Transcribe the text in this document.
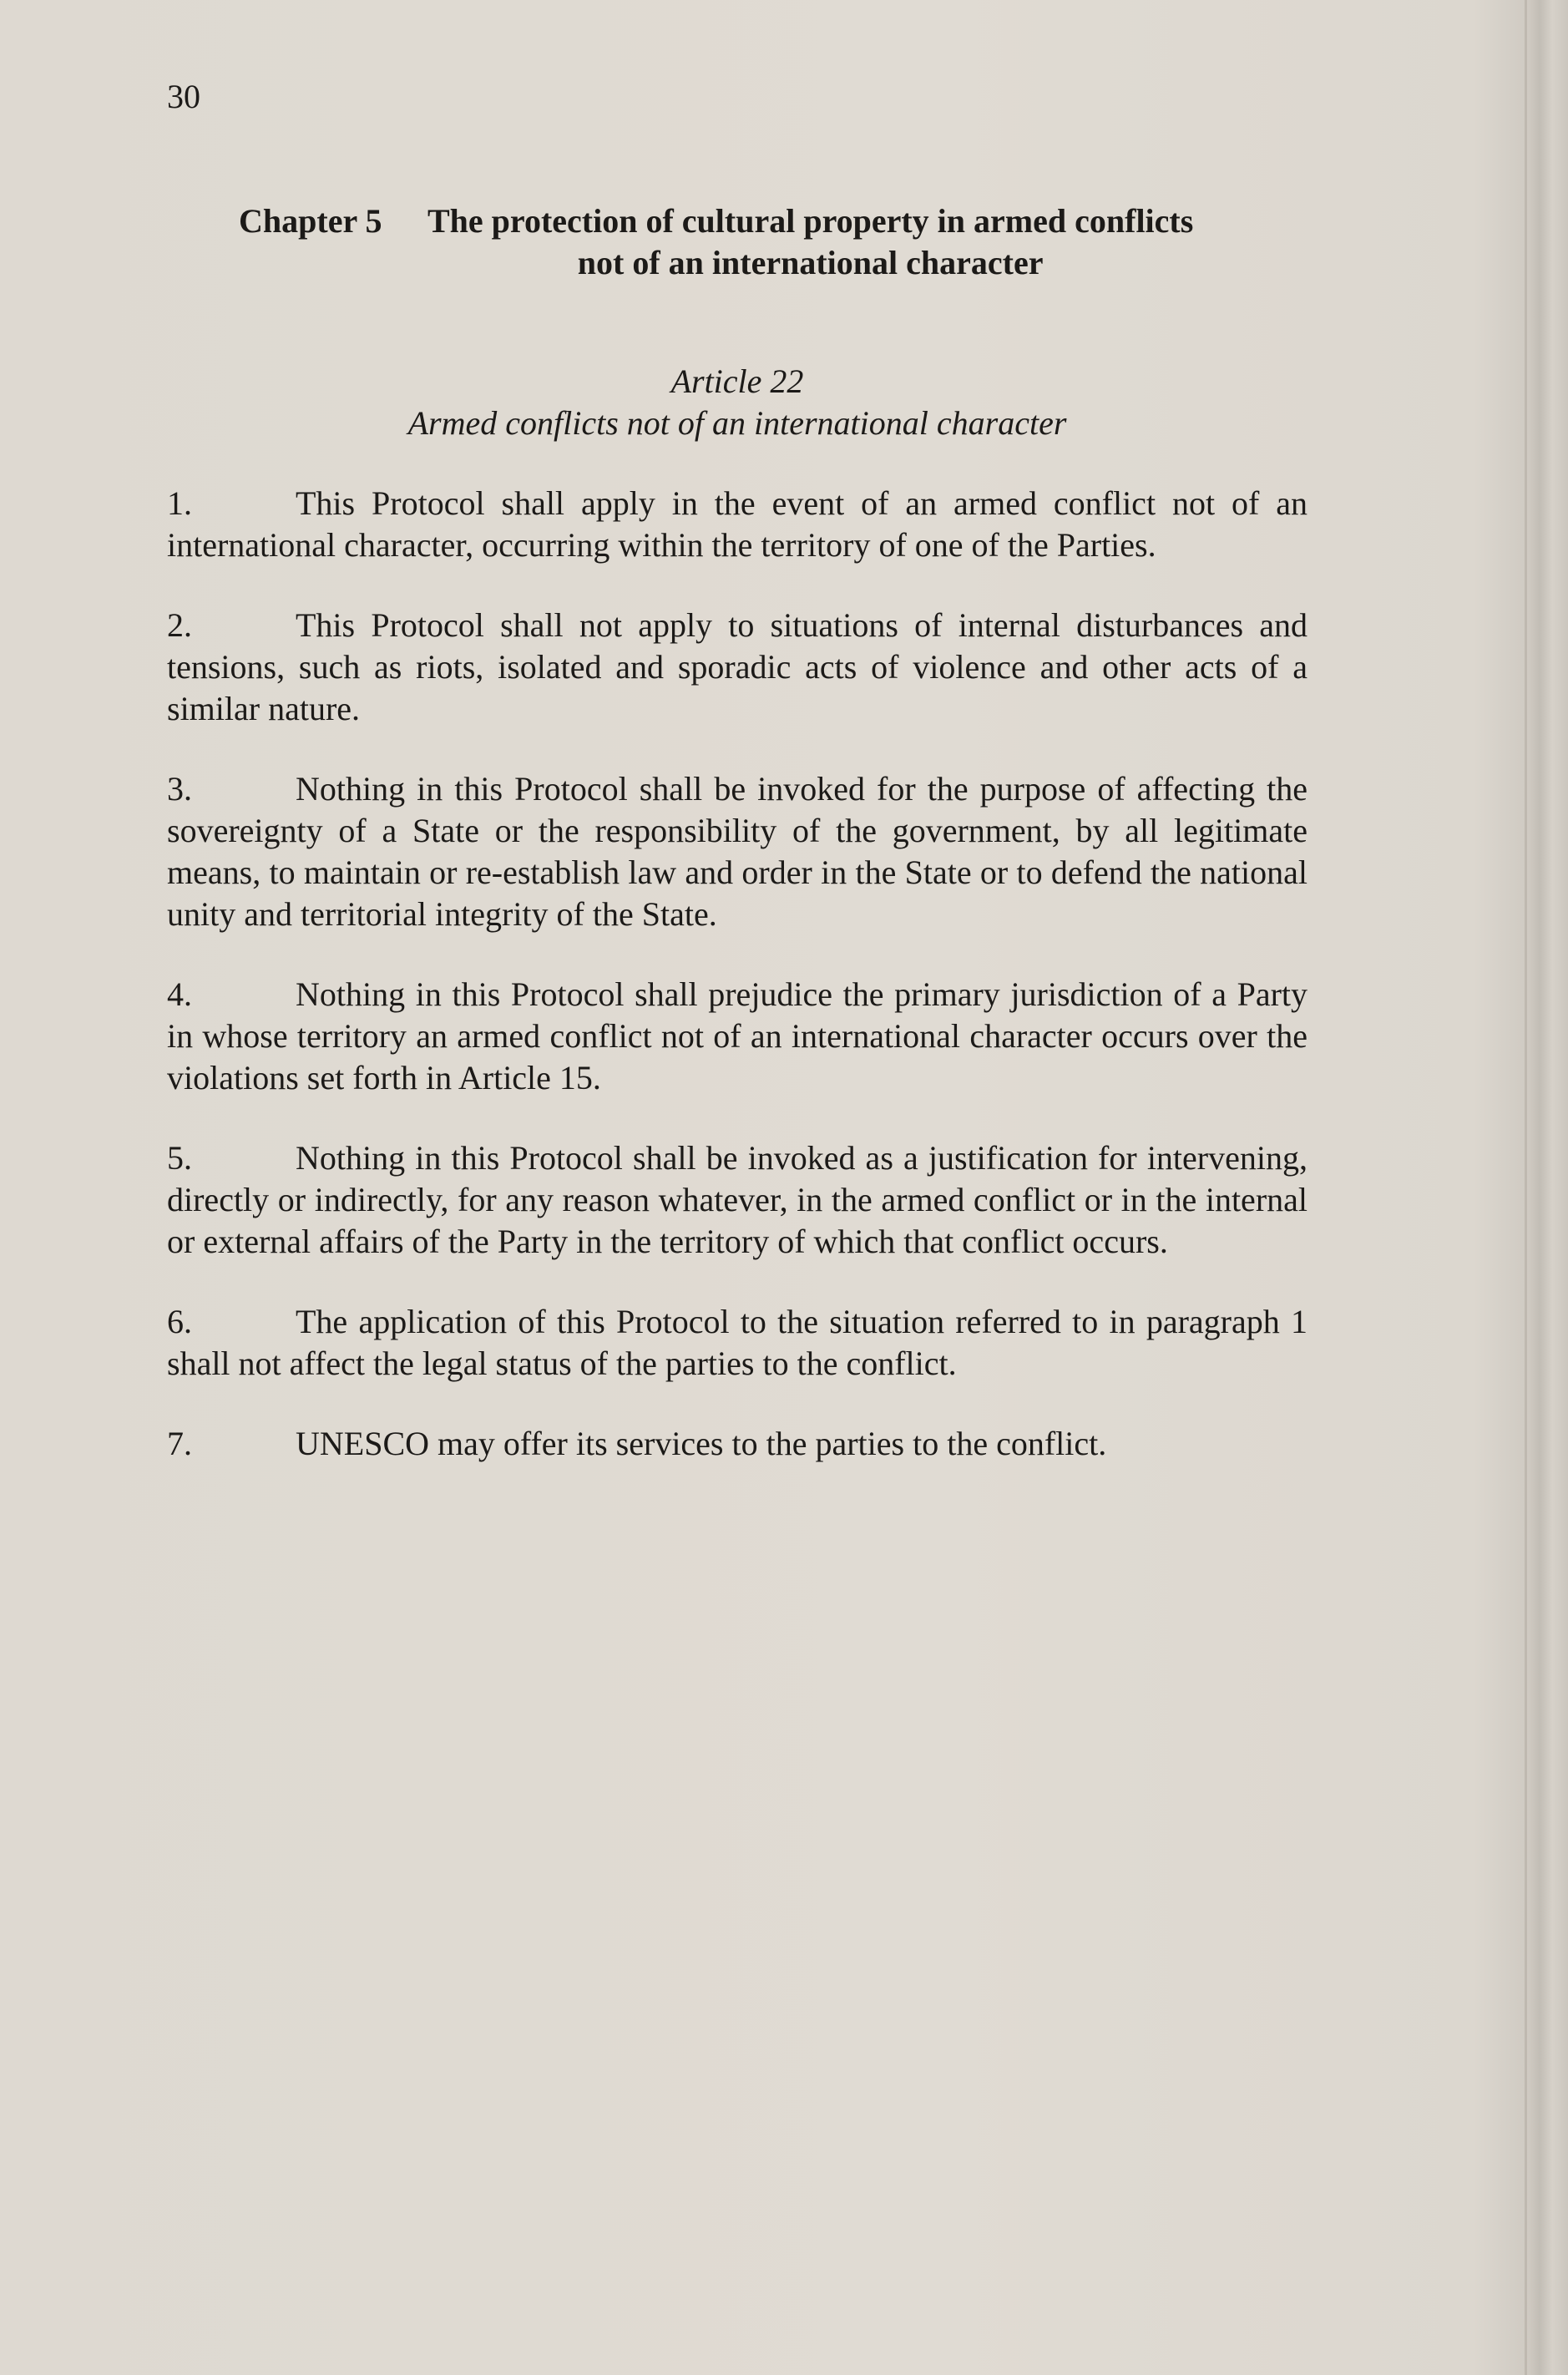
30
Chapter 5 The protection of cultural property in armed conflicts
not of an international character
Article 22
Armed conflicts not of an international character

1.	This Protocol shall apply in the event of an armed conflict not of an international character, occurring within the territory of one of the Parties.

2.	This Protocol shall not apply to situations of internal disturbances and tensions, such as riots, isolated and sporadic acts of violence and other acts of a similar nature.

3.	Nothing in this Protocol shall be invoked for the purpose of affecting the sovereignty of a State or the responsibility of the government, by all legitimate means, to maintain or re-establish law and order in the State or to defend the national unity and territorial integrity of the State.

4.	Nothing in this Protocol shall prejudice the primary jurisdiction of a Party in whose territory an armed conflict not of an international character occurs over the violations set forth in Article 15.

5.	Nothing in this Protocol shall be invoked as a justification for intervening, directly or indirectly, for any reason whatever, in the armed conflict or in the internal or external affairs of the Party in the territory of which that conflict occurs.

6.	The application of this Protocol to the situation referred to in paragraph 1 shall not affect the legal status of the parties to the conflict.

7.	UNESCO may offer its services to the parties to the conflict.
